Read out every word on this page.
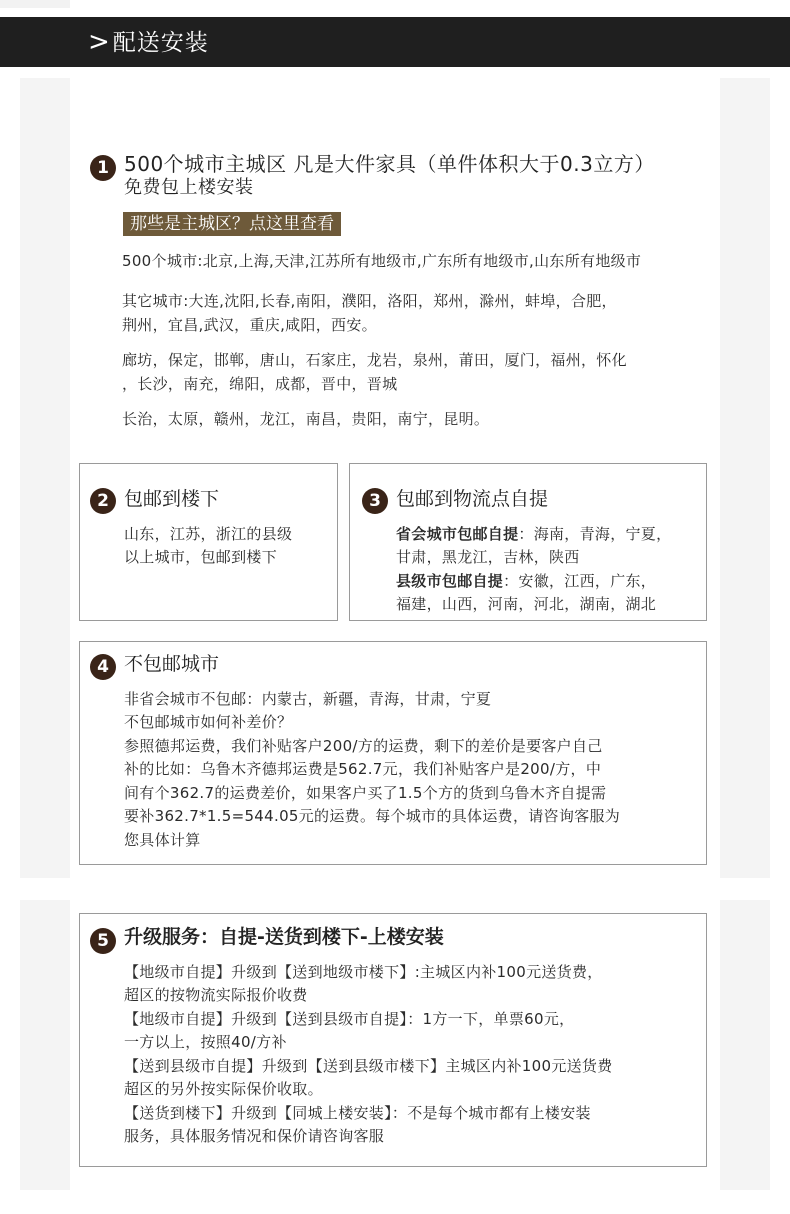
>配送安装
1 500个城市主城区 凡是大件家具（单件体积大于0.3立方）
免费包上楼安装
那些是主城区？点这里查看
500个城市:北京,上海,天津,江苏所有地级市,广东所有地级市,山东所有地级市
其它城市:大连,沈阳,长春,南阳，濮阳，洛阳，郑州，滁州，蚌埠，合肥，
荆州，宜昌,武汉，重庆,咸阳，西安。
廊坊，保定，邯郸，唐山，石家庄，龙岩，泉州，莆田，厦门，福州，怀化
，长沙，南充，绵阳，成都，晋中，晋城
长治，太原，赣州，龙江，南昌，贵阳，南宁，昆明。
2 包邮到楼下
山东，江苏，浙江的县级
以上城市，包邮到楼下
3 包邮到物流点自提
省会城市包邮自提：海南，青海，宁夏，
甘肃，黑龙江，吉林，陕西
县级市包邮自提：安徽，江西，广东，
福建，山西，河南，河北，湖南，湖北
4 不包邮城市
非省会城市不包邮：内蒙古，新疆，青海，甘肃，宁夏
不包邮城市如何补差价？
参照德邦运费，我们补贴客户200/方的运费，剩下的差价是要客户自己
补的比如：乌鲁木齐德邦运费是562.7元，我们补贴客户是200/方，中
间有个362.7的运费差价，如果客户买了1.5个方的货到乌鲁木齐自提需
要补362.7*1.5=544.05元的运费。每个城市的具体运费，请咨询客服为
您具体计算
5 升级服务：自提-送货到楼下-上楼安装
【地级市自提】升级到【送到地级市楼下】:主城区内补100元送货费，
超区的按物流实际报价收费
【地级市自提】升级到【送到县级市自提】：1方一下，单票60元，
一方以上，按照40/方补
【送到县级市自提】升级到【送到县级市楼下】主城区内补100元送货费
超区的另外按实际保价收取。
【送货到楼下】升级到【同城上楼安装】：不是每个城市都有上楼安装
服务，具体服务情况和保价请咨询客服
